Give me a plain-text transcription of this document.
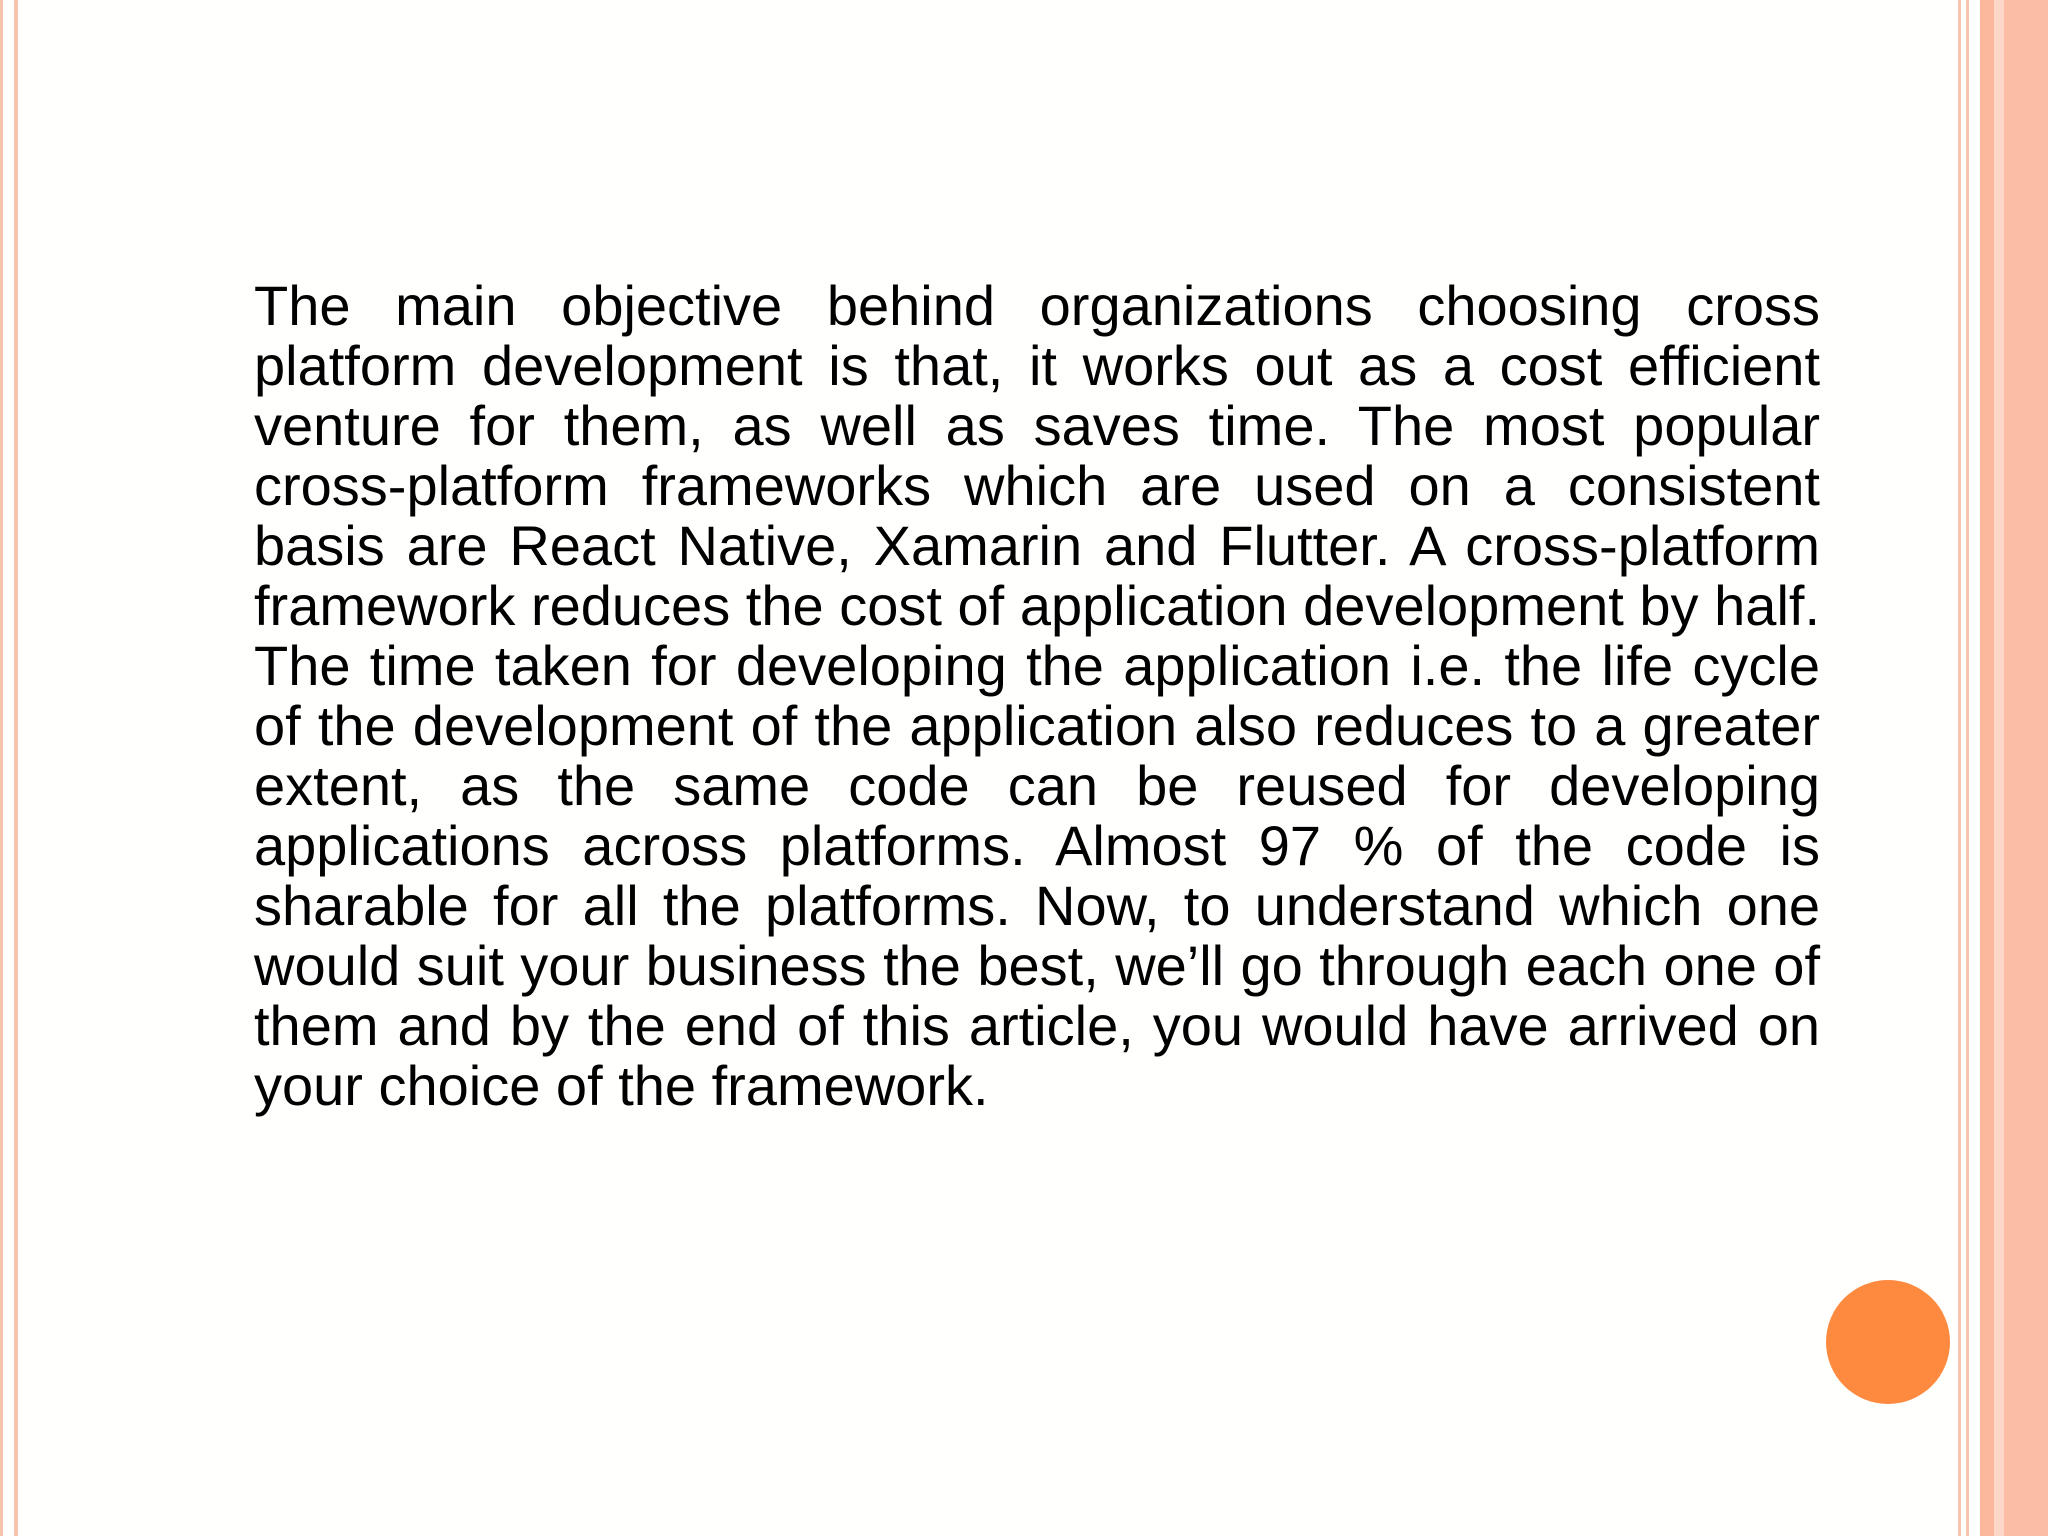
The main objective behind organizations choosing cross platform development is that, it works out as a cost efficient venture for them, as well as saves time. The most popular cross-platform frameworks which are used on a consistent basis are React Native, Xamarin and Flutter. A cross-platform framework reduces the cost of application development by half. The time taken for developing the application i.e. the life cycle of the development of the application also reduces to a greater extent, as the same code can be reused for developing applications across platforms. Almost 97 % of the code is sharable for all the platforms. Now, to understand which one would suit your business the best, we’ll go through each one of them and by the end of this article, you would have arrived on your choice of the framework.
